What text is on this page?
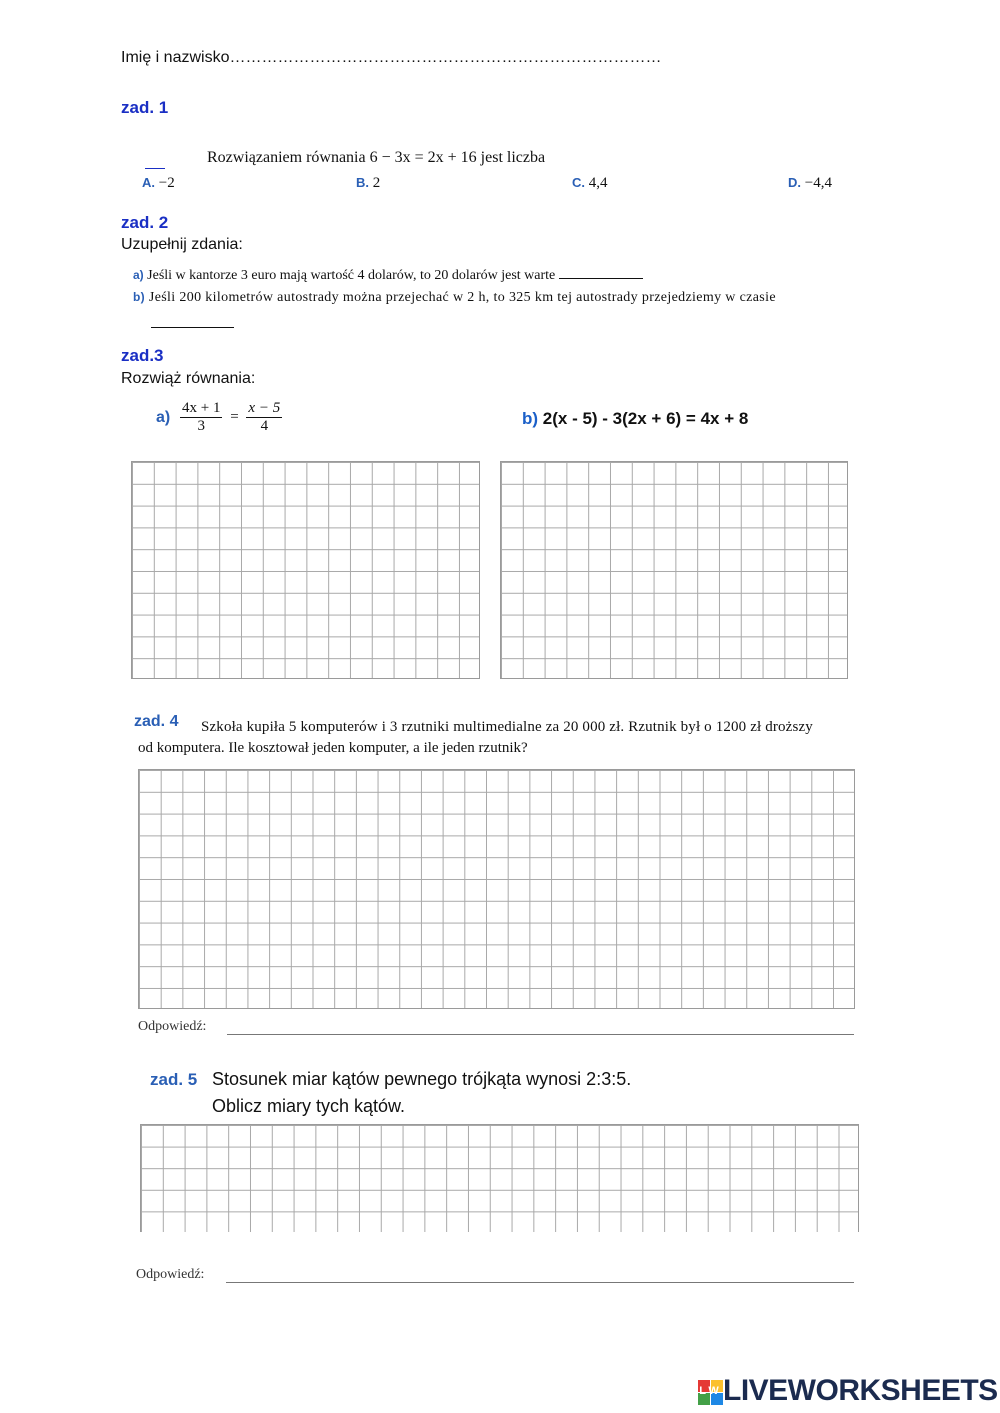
Imię i nazwisko………………………………………………………………………
zad. 1
Rozwiązaniem równania 6 − 3x = 2x + 16 jest liczba
A. −2	B. 2	C. 4,4	D. −4,4
zad. 2
Uzupełnij zdania:
a) Jeśli w kantorze 3 euro mają wartość 4 dolarów, to 20 dolarów jest warte
b) Jeśli 200 kilometrów autostrady można przejechać w 2 h, to 325 km tej autostrady przejedziemy w czasie
zad.3
Rozwiąż równania:
$a) \frac{4x + 1}{3} = \frac{x - 5}{4}$	b) 2(x - 5) - 3(2x + 6) = 4x + 8
zad. 4 Szkoła kupiła 5 komputerów i 3 rzutniki multimedialne za 20 000 zł. Rzutnik był o 1200 zł droższy
od komputera. Ile kosztował jeden komputer, a ile jeden rzutnik?
Odpowiedź:
zad. 5 Stosunek miar kątów pewnego trójkąta wynosi 2:3:5.
Oblicz miary tych kątów.
Odpowiedź:
LW LIVEWORKSHEETS
